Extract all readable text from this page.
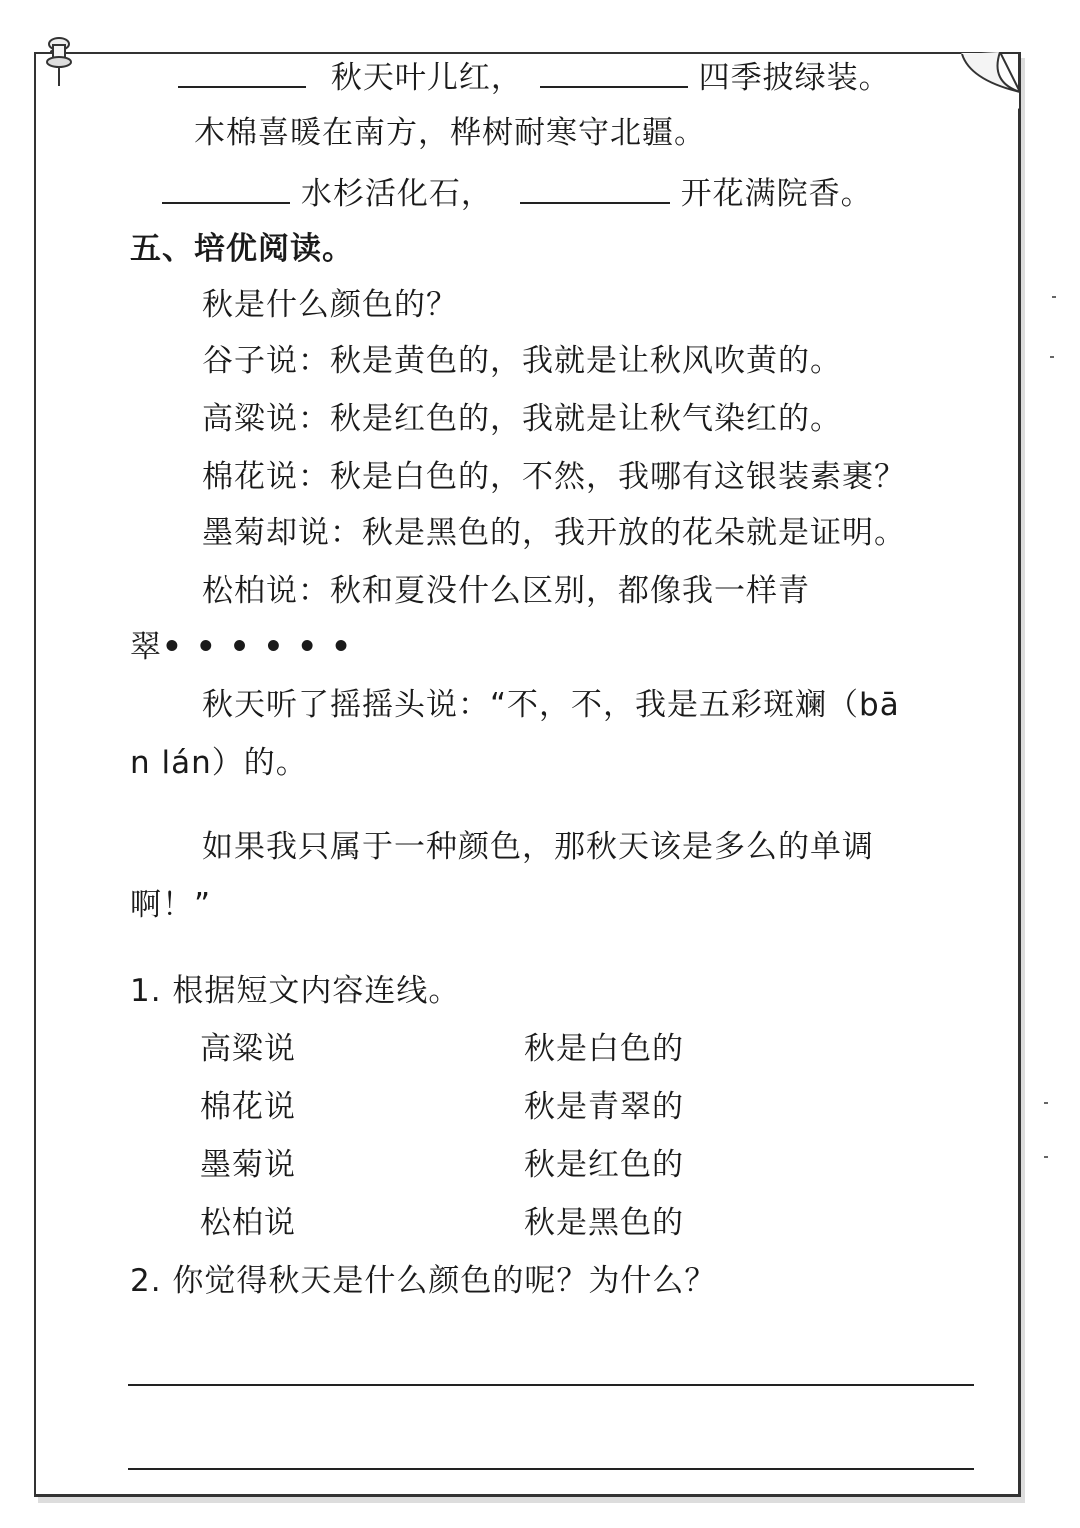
秋天叶儿红，	四季披绿装。
木棉喜暖在南方，桦树耐寒守北疆。
水杉活化石，	开花满院香。
五、培优阅读。
秋是什么颜色的？
谷子说：秋是黄色的，我就是让秋风吹黄的。
高粱说：秋是红色的，我就是让秋气染红的。
棉花说：秋是白色的，不然，我哪有这银装素裹？
墨菊却说：秋是黑色的，我开放的花朵就是证明。
松柏说：秋和夏没什么区别，都像我一样青
翠••••••
秋天听了摇摇头说：“不，不，我是五彩斑斓（bā
n lán）的。
如果我只属于一种颜色，那秋天该是多么的单调
啊！”
1. 根据短文内容连线。
高粱说
棉花说
墨菊说
松柏说
秋是白色的
秋是青翠的
秋是红色的
秋是黑色的
2. 你觉得秋天是什么颜色的呢？为什么？
